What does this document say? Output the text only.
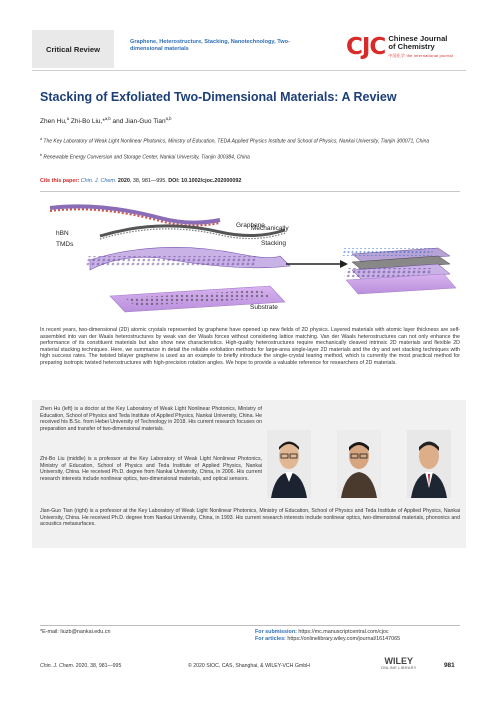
Critical Review
Graphene, Heterostructure, Stacking, Nanotechnology, Two-dimensional materials	CJC Chinese Journal
of Chemistry
中国化学 the international journal
Stacking of Exfoliated Two-Dimensional Materials: A Review
Zhen Hu,$^a$ Zhi-Bo Liu,*$^{a,b}$ and Jian-Guo Tian$^{a,b}$
$^a$ The Key Laboratory of Weak Light Nonlinear Photonics, Ministry of Education, TEDA Applied Physics Institute and School of Physics, Nankai University, Tianjin 300071, China
$^b$ Renewable Energy Conversion and Storage Center, Nankai University, Tianjin 300384, China
Cite this paper: Chin. J. Chem. 2020, 38, 981—995. DOI: 10.1002/cjoc.202000092
hBN
Graphene
TMDs
Mechanically
Stacking
Substrate
In recent years, two-dimensional (2D) atomic crystals represented by graphene have opened up new fields of 2D physics. Layered materials with atomic layer thickness are self-assembled into van der Waals heterostructures by weak van der Waals forces without considering lattice matching. Van der Waals heterostructures can not only enhance the performance of its constituent materials but also show new characteristics. High-quality heterostructures require mechanically cleaved intrinsic 2D materials and flexible 2D material stacking techniques. Here, we summarize in detail the reliable exfoliation methods for large-area single-layer 2D materials and the dry and wet stacking techniques with high success rates. The twisted bilayer graphene is used as an example to briefly introduce the single-crystal tearing method, which is currently the most practical method for preparing isotropic twisted heterostructures with high-precision rotation angles. We hope to provide a valuable reference for researchers of 2D materials.
Zhen Hu (left) is a doctor at the Key Laboratory of Weak Light Nonlinear Photonics, Ministry of Education, School of Physics and Teda Institute of Applied Physics, Nankai University, China. He received his B.Sc. from Hebei University of Technology in 2018. His current research focuses on preparation and transfer of two-dimensional materials.
Zhi-Bo Liu (middle) is a professor at the Key Laboratory of Weak Light Nonlinear Photonics, Ministry of Education, School of Physics and Teda Institute of Applied Physics, Nankai University, China. He received Ph.D. degree from Nankai University, China, in 2006. His current research interests include nonlinear optics, two-dimensional materials, and optical sensors.
Jian-Guo Tian (right) is a professor at the Key Laboratory of Weak Light Nonlinear Photonics, Ministry of Education, School of Physics and Teda Institute of Applied Physics, Nankai University, China. He received Ph.D. degree from Nankai University, China, in 1993. His current research interests include nonlinear optics, two-dimensional materials, phononics and acoustics metasurfaces.
*E-mail: liuzb@nankai.edu.cn	For submission: https://mc.manuscriptcentral.com/cjoc
For articles: https://onlinelibrary.wiley.com/journal/16147065
Chin. J. Chem. 2020, 38, 981—995	© 2020 SIOC, CAS, Shanghai, & WILEY-VCH GmbH	WILEY
ONLINE LIBRARY	981
